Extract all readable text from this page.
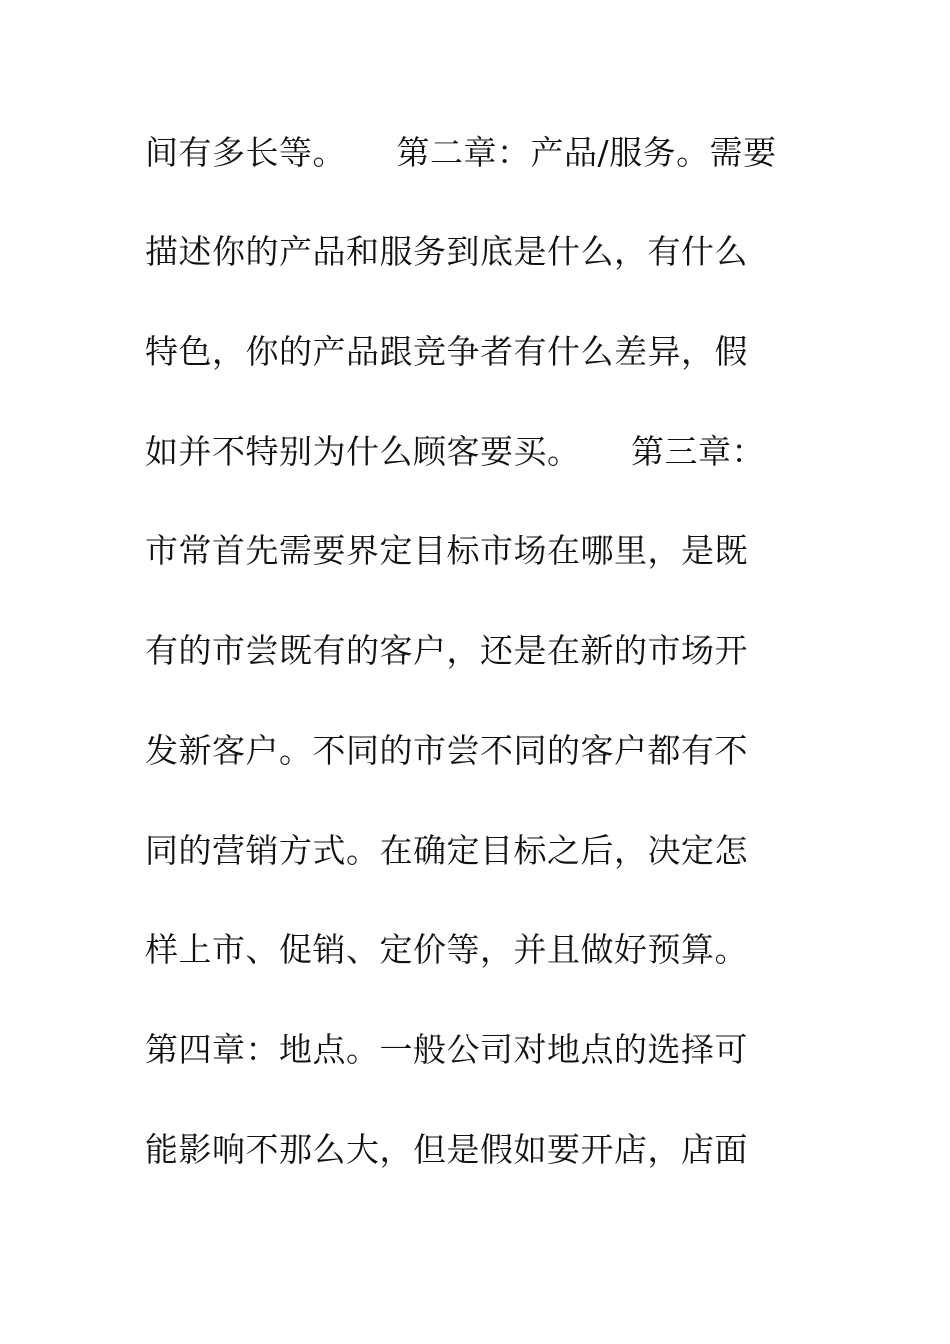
间有多长等。　　第二章：产品/服务。需要
描述你的产品和服务到底是什么，有什么
特色，你的产品跟竞争者有什么差异，假
如并不特别为什么顾客要买。　　第三章：
市常首先需要界定目标市场在哪里，是既
有的市尝既有的客户，还是在新的市场开
发新客户。不同的市尝不同的客户都有不
同的营销方式。在确定目标之后，决定怎
样上市、促销、定价等，并且做好预算。
第四章：地点。一般公司对地点的选择可
能影响不那么大，但是假如要开店，店面
